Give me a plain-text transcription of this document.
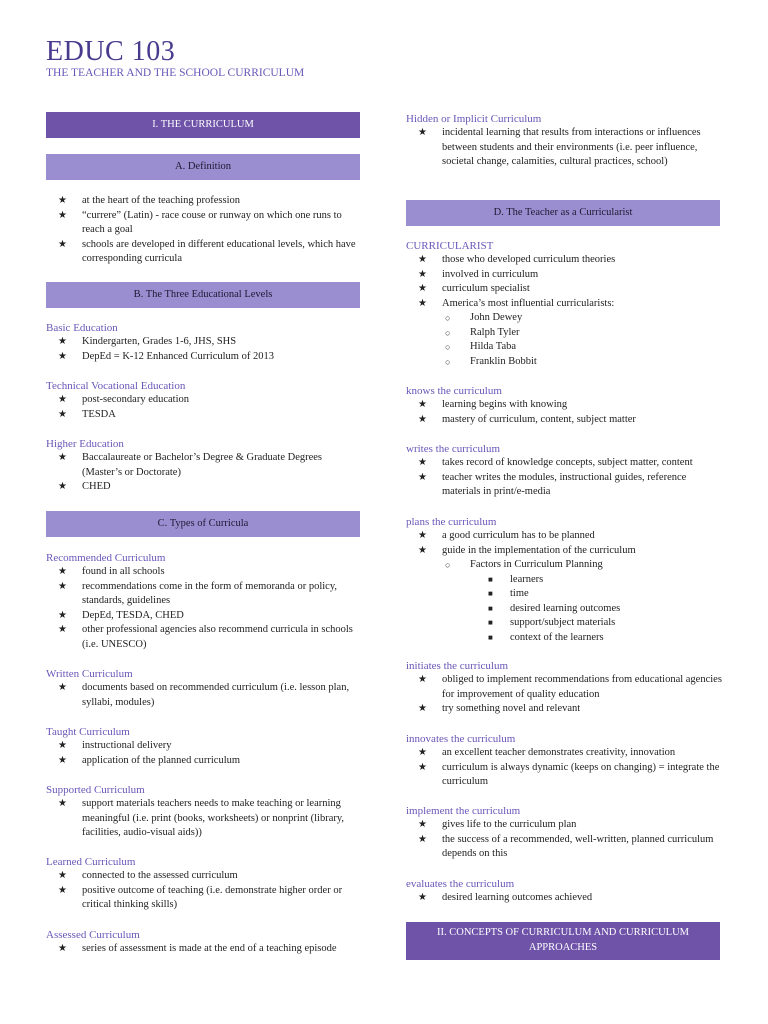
EDUC 103
THE TEACHER AND THE SCHOOL CURRICULUM
I. THE CURRICULUM
A. Definition
★ at the heart of the teaching profession
★ “currere” (Latin) - race couse or runway on which one runs to reach a goal
★ schools are developed in different educational levels, which have corresponding curricula
B. The Three Educational Levels
Basic Education
★ Kindergarten, Grades 1-6, JHS, SHS
★ DepEd = K-12 Enhanced Curriculum of 2013
Technical Vocational Education
★ post-secondary education
★ TESDA
Higher Education
★ Baccalaureate or Bachelor’s Degree & Graduate Degrees (Master’s or Doctorate)
★ CHED
C. Types of Curricula
Recommended Curriculum
★ found in all schools
★ recommendations come in the form of memoranda or policy, standards, guidelines
★ DepEd, TESDA, CHED
★ other professional agencies also recommend curricula in schools (i.e. UNESCO)
Written Curriculum
★ documents based on recommended curriculum (i.e. lesson plan, syllabi, modules)
Taught Curriculum
★ instructional delivery
★ application of the planned curriculum
Supported Curriculum
★ support materials teachers needs to make teaching or learning meaningful (i.e. print (books, worksheets) or nonprint (library, facilities, audio-visual aids))
Learned Curriculum
★ connected to the assessed curriculum
★ positive outcome of teaching (i.e. demonstrate higher order or critical thinking skills)
Assessed Curriculum
★ series of assessment is made at the end of a teaching episode
Hidden or Implicit Curriculum
★ incidental learning that results from interactions or influences between students and their environments (i.e. peer influence, societal change, calamities, cultural practices, school)
D. The Teacher as a Curricularist
CURRICULARIST
★ those who developed curriculum theories
★ involved in curriculum
★ curriculum specialist
★ America’s most influential curricularists:
○ John Dewey
○ Ralph Tyler
○ Hilda Taba
○ Franklin Bobbit
knows the curriculum
★ learning begins with knowing
★ mastery of curriculum, content, subject matter
writes the curriculum
★ takes record of knowledge concepts, subject matter, content
★ teacher writes the modules, instructional guides, reference materials in print/e-media
plans the curriculum
★ a good curriculum has to be planned
★ guide in the implementation of the curriculum
○ Factors in Curriculum Planning
■ learners
■ time
■ desired learning outcomes
■ support/subject materials
■ context of the learners
initiates the curriculum
★ obliged to implement recommendations from educational agencies for improvement of quality education
★ try something novel and relevant
innovates the curriculum
★ an excellent teacher demonstrates creativity, innovation
★ curriculum is always dynamic (keeps on changing) = integrate the curriculum
implement the curriculum
★ gives life to the curriculum plan
★ the success of a recommended, well-written, planned curriculum depends on this
evaluates the curriculum
★ desired learning outcomes achieved
II. CONCEPTS OF CURRICULUM AND CURRICULUM APPROACHES
